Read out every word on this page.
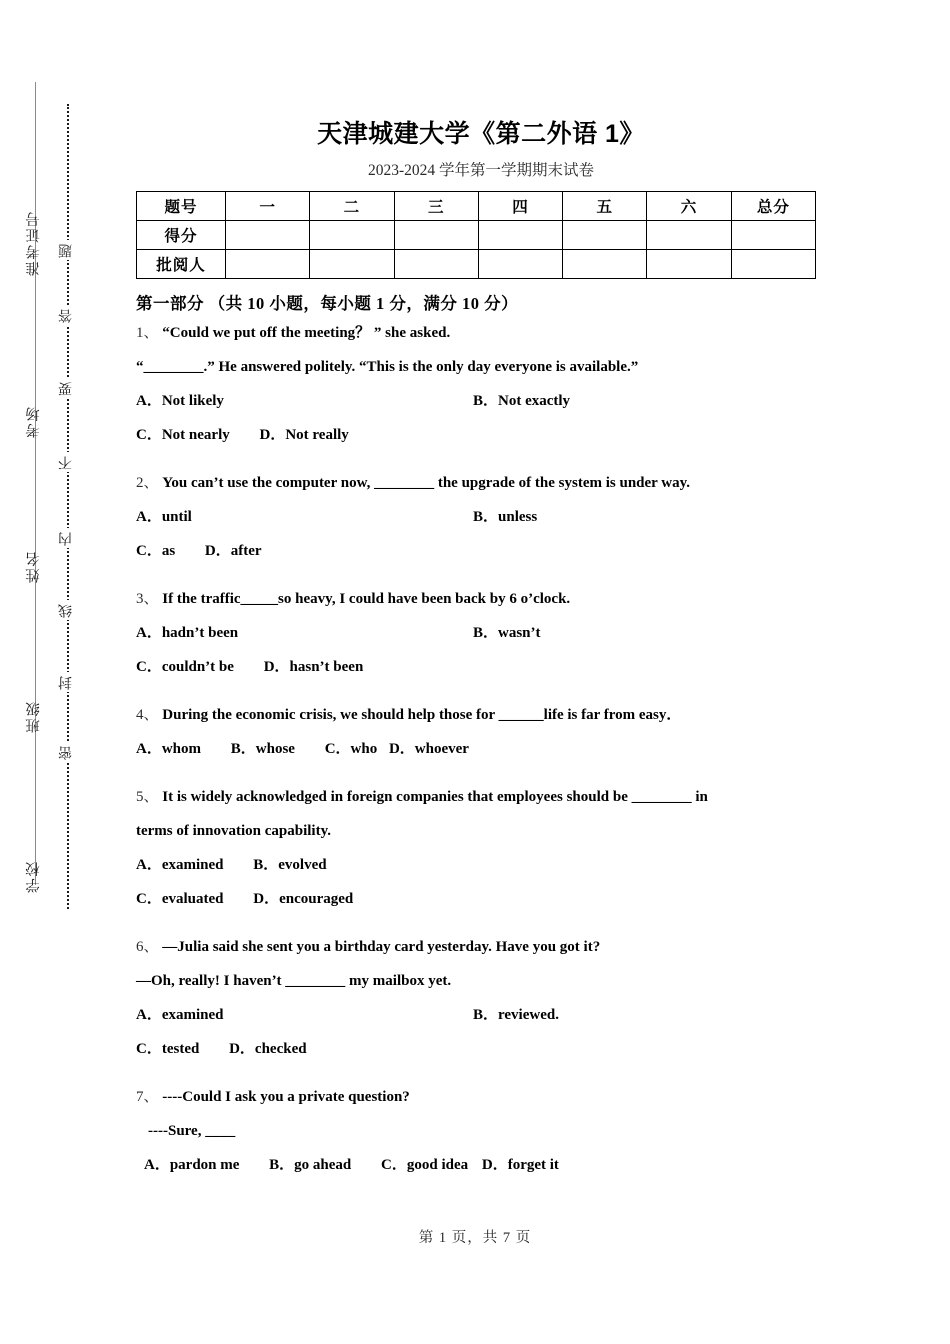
准考证号
考场
姓名
班级
学校
题
答
要
不
内
线
封
密
天津城建大学《第二外语 1》
2023-2024 学年第一学期期末试卷
题号	一	二	三	四	五	六	总分
得分							
批阅人							
第一部分 （共 10 小题，每小题 1 分，满分 10 分）
1、 “Could we put off the meeting？ ” she asked.
“________.” He answered politely. “This is the only day everyone is available.”
A．Not likely	B．Not exactly
C．Not nearly D．Not really
2、 You can’t use the computer now, ________ the upgrade of the system is under way.
A．until	B．unless
C．as D．after
3、 If the traffic_____so heavy, I could have been back by 6 o’clock.
A．hadn’t been	B．wasn’t
C．couldn’t be D．hasn’t been
4、 During the economic crisis, we should help those for ______life is far from easy．
A．whom B．whose C．who D．whoever
5、 It is widely acknowledged in foreign companies that employees should be ________ in
terms of innovation capability.
A．examined B．evolved
C．evaluated D．encouraged
6、 —Julia said she sent you a birthday card yesterday. Have you got it?
—Oh, really! I haven’t ________ my mailbox yet.
A．examined	B．reviewed.
C．tested D．checked
7、 ----Could I ask you a private question?
----Sure, ____
A．pardon me B．go ahead C．good idea D．forget it
第 1 页，共 7 页
